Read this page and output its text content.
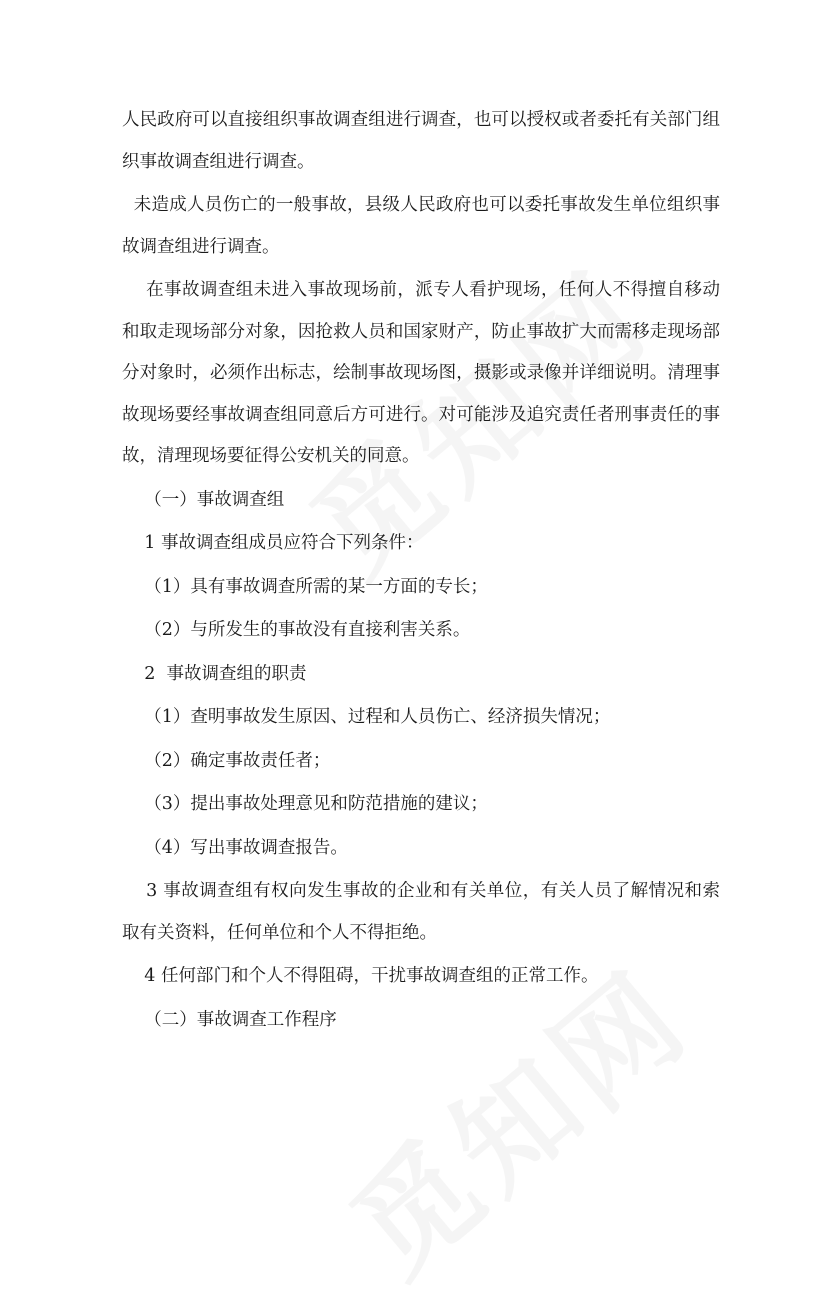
人民政府可以直接组织事故调查组进行调查，也可以授权或者委托有关部门组织事故调查组进行调查。

未造成人员伤亡的一般事故，县级人民政府也可以委托事故发生单位组织事故调查组进行调查。

在事故调查组未进入事故现场前，派专人看护现场，任何人不得擅自移动和取走现场部分对象，因抢救人员和国家财产，防止事故扩大而需移走现场部分对象时，必须作出标志，绘制事故现场图，摄影或录像并详细说明。清理事故现场要经事故调查组同意后方可进行。对可能涉及追究责任者刑事责任的事故，清理现场要征得公安机关的同意。

（一）事故调查组

1 事故调查组成员应符合下列条件：

（1）具有事故调查所需的某一方面的专长；

（2）与所发生的事故没有直接利害关系。

2  事故调查组的职责

（1）查明事故发生原因、过程和人员伤亡、经济损失情况；

（2）确定事故责任者；

（3）提出事故处理意见和防范措施的建议；

（4）写出事故调查报告。

3 事故调查组有权向发生事故的企业和有关单位，有关人员了解情况和索取有关资料，任何单位和个人不得拒绝。

4 任何部门和个人不得阻碍，干扰事故调查组的正常工作。

（二）事故调查工作程序
